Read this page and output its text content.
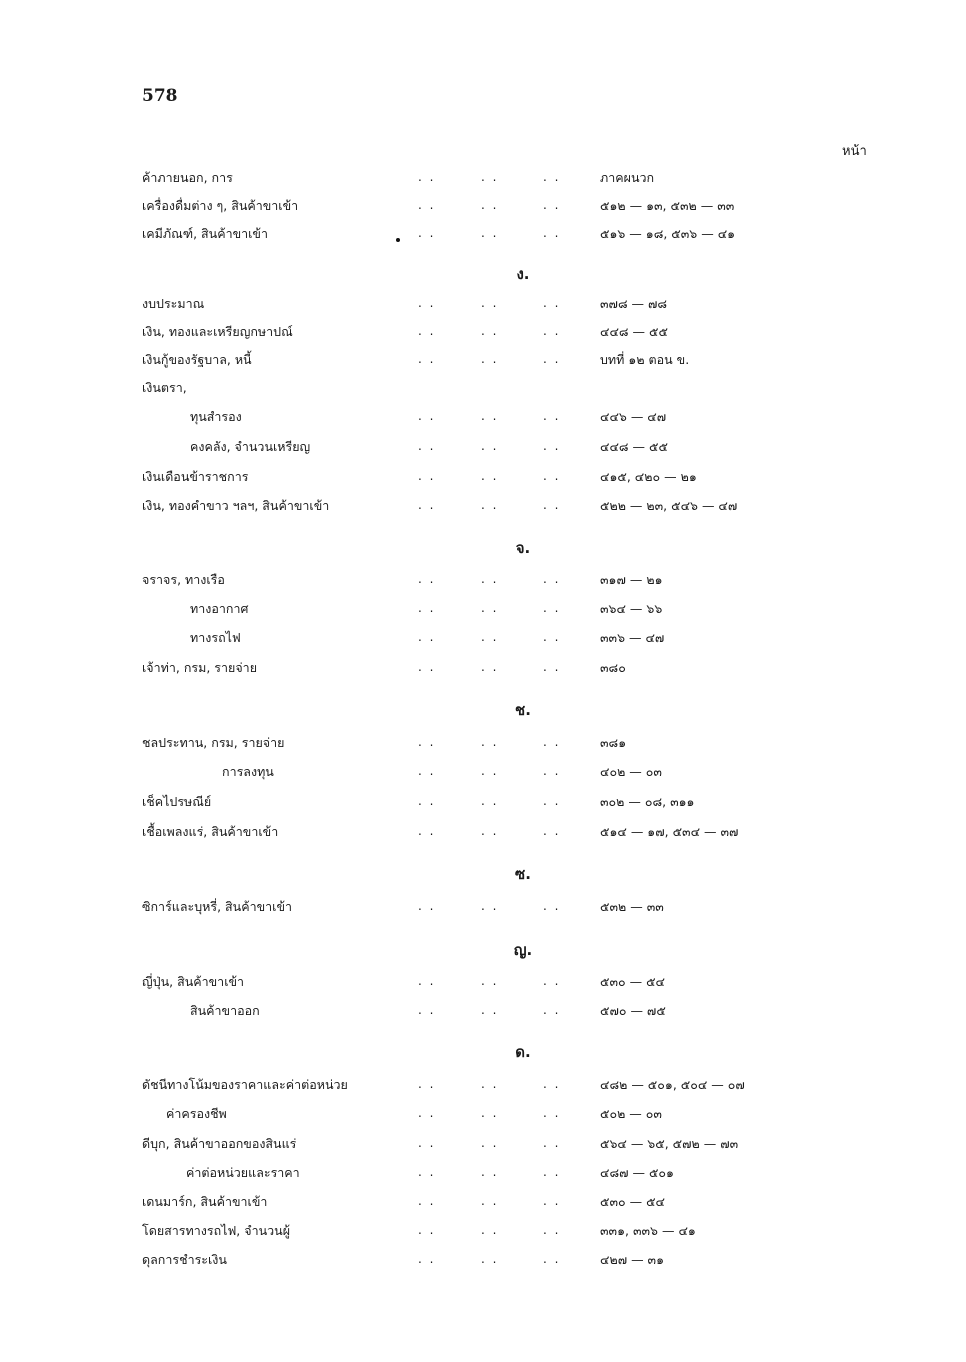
578
หน้า
ค้าภายนอก, การ	. .	. .	. .	ภาคผนวก
เครื่องดื่มต่าง ๆ, สินค้าขาเข้า	. .	. .	. .	๕๑๒ — ๑๓, ๕๓๒ — ๓๓
เคมีภัณฑ์, สินค้าขาเข้า	. .	. .	. .	๕๑๖ — ๑๘, ๕๓๖ — ๔๑
ง.
งบประมาณ	. .	. .	. .	๓๗๘ — ๗๘
เงิน, ทองและเหรียญกษาปณ์	. .	. .	. .	๔๔๘ — ๕๕
เงินกู้ของรัฐบาล, หนี้	. .	. .	. .	บทที่ ๑๒ ตอน ข.
เงินตรา,
ทุนสำรอง	. .	. .	. .	๔๔๖ — ๔๗
คงคลัง, จำนวนเหรียญ	. .	. .	. .	๔๔๘ — ๕๕
เงินเดือนข้าราชการ	. .	. .	. .	๔๑๕, ๔๒๐ — ๒๑
เงิน, ทองคำขาว ฯลฯ, สินค้าขาเข้า	. .	. .	. .	๕๒๒ — ๒๓, ๕๔๖ — ๔๗
จ.
จราจร, ทางเรือ	. .	. .	. .	๓๑๗ — ๒๑
ทางอากาศ	. .	. .	. .	๓๖๔ — ๖๖
ทางรถไฟ	. .	. .	. .	๓๓๖ — ๔๗
เจ้าท่า, กรม, รายจ่าย	. .	. .	. .	๓๘๐
ช.
ชลประทาน, กรม, รายจ่าย	. .	. .	. .	๓๘๑
การลงทุน	. .	. .	. .	๔๐๒ — ๐๓
เช็คไปรษณีย์	. .	. .	. .	๓๐๒ — ๐๘, ๓๑๑
เชื้อเพลงแร่, สินค้าขาเข้า	. .	. .	. .	๕๑๔ — ๑๗, ๕๓๔ — ๓๗
ซ.
ซิการ์และบุหรี่, สินค้าขาเข้า	. .	. .	. .	๕๓๒ — ๓๓
ญ.
ญี่ปุ่น, สินค้าขาเข้า	. .	. .	. .	๕๓๐ — ๕๔
สินค้าขาออก	. .	. .	. .	๕๗๐ — ๗๕
ด.
ดัชนีทางโน้มของราคาและค่าต่อหน่วย	. .	. .	. .	๔๘๒ — ๕๐๑, ๕๐๔ — ๐๗
ค่าครองชีพ	. .	. .	. .	๕๐๒ — ๐๓
ดีบุก, สินค้าขาออกของสินแร่	. .	. .	. .	๕๖๔ — ๖๕, ๕๗๒ — ๗๓
ค่าต่อหน่วยและราคา	. .	. .	. .	๔๘๗ — ๕๐๑
เดนมาร์ก, สินค้าขาเข้า	. .	. .	. .	๕๓๐ — ๕๔
โดยสารทางรถไฟ, จำนวนผู้	. .	. .	. .	๓๓๑, ๓๓๖ — ๔๑
ดุลการชำระเงิน	. .	. .	. .	๔๒๗ — ๓๑
